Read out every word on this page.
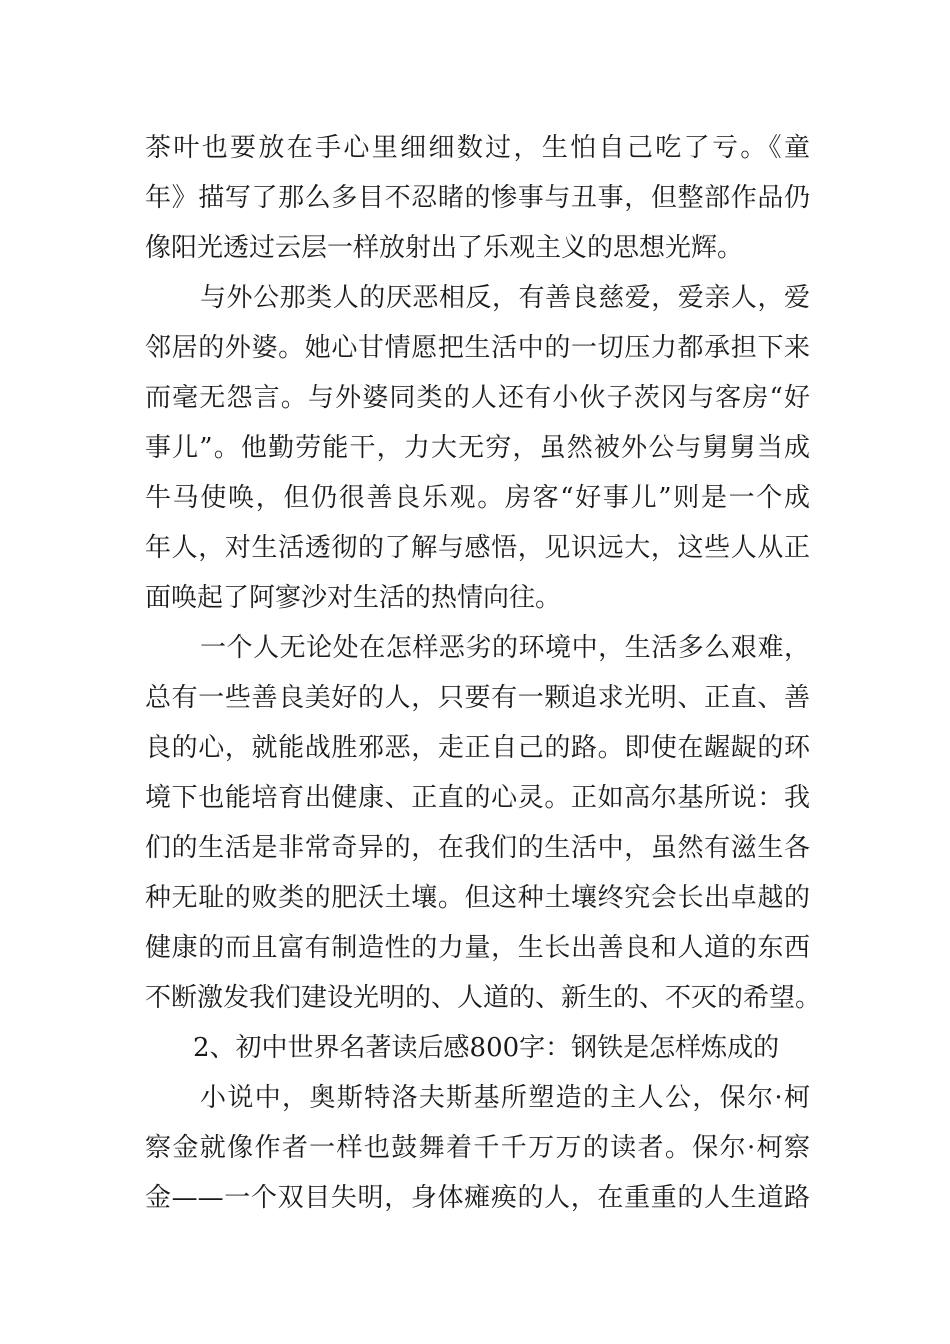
茶叶也要放在手心里细细数过，生怕自己吃了亏。《童
年》描写了那么多目不忍睹的惨事与丑事，但整部作品仍
像阳光透过云层一样放射出了乐观主义的思想光辉。
与外公那类人的厌恶相反，有善良慈爱，爱亲人，爱
邻居的外婆。她心甘情愿把生活中的一切压力都承担下来
而毫无怨言。与外婆同类的人还有小伙子茨冈与客房“好
事儿”。他勤劳能干，力大无穷，虽然被外公与舅舅当成
牛马使唤，但仍很善良乐观。房客“好事儿”则是一个成
年人，对生活透彻的了解与感悟，见识远大，这些人从正
面唤起了阿寥沙对生活的热情向往。
一个人无论处在怎样恶劣的环境中，生活多么艰难，
总有一些善良美好的人，只要有一颗追求光明、正直、善
良的心，就能战胜邪恶，走正自己的路。即使在龌龊的环
境下也能培育出健康、正直的心灵。正如高尔基所说：我
们的生活是非常奇异的，在我们的生活中，虽然有滋生各
种无耻的败类的肥沃土壤。但这种土壤终究会长出卓越的
健康的而且富有制造性的力量，生长出善良和人道的东西
不断激发我们建设光明的、人道的、新生的、不灭的希望。
2、初中世界名著读后感800字：钢铁是怎样炼成的
小说中，奥斯特洛夫斯基所塑造的主人公，保尔·柯
察金就像作者一样也鼓舞着千千万万的读者。保尔·柯察
金——一个双目失明，身体瘫痪的人，在重重的人生道路
